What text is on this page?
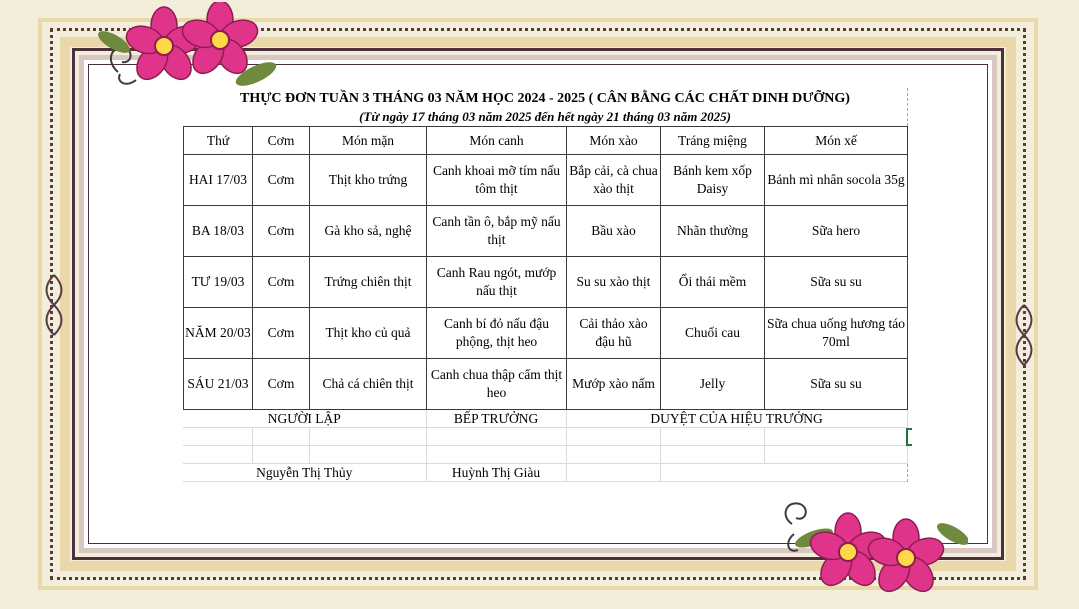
THỰC ĐƠN TUẦN 3 THÁNG 03 NĂM HỌC 2024 - 2025 ( CÂN BẰNG CÁC CHẤT DINH DƯỠNG)
(Từ ngày 17 tháng 03 năm 2025 đến hết ngày 21 tháng 03 năm 2025)
Thứ	Cơm	Món mặn	Món canh	Món xào	Tráng miệng	Món xế
HAI 17/03	Cơm	Thịt kho trứng	Canh khoai mỡ tím nấu tôm thịt	Bắp cải, cà chua xào thịt	Bánh kem xốp Daisy	Bánh mì nhân socola 35g
BA 18/03	Cơm	Gà kho sả, nghệ	Canh tần ô, bắp mỹ nấu thịt	Bầu xào	Nhãn thường	Sữa hero
TƯ 19/03	Cơm	Trứng chiên thịt	Canh Rau ngót, mướp nấu thịt	Su su xào thịt	Ổi thái mềm	Sữa su su
NĂM 20/03	Cơm	Thịt kho củ quả	Canh bí đỏ nấu đậu phộng, thịt heo	Cải thảo xào đậu hũ	Chuối cau	Sữa chua uống hương táo 70ml
SÁU 21/03	Cơm	Chả cá chiên thịt	Canh chua thập cẩm thịt heo	Mướp xào nấm	Jelly	Sữa su su
NGƯỜI LẬP			BẾP TRƯỞNG	DUYỆT CỦA HIỆU TRƯỞNG		

Nguyễn Thị Thủy			Huỳnh Thị Giàu			
